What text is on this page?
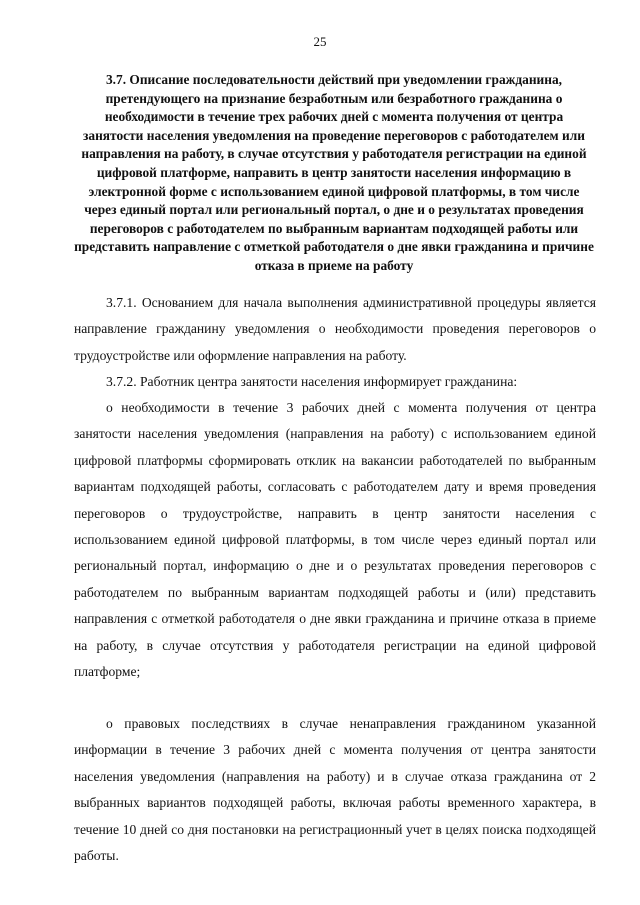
25
3.7. Описание последовательности действий при уведомлении гражданина, претендующего на признание безработным или безработного гражданина о необходимости в течение трех рабочих дней с момента получения от центра занятости населения уведомления на проведение переговоров с работодателем или направления на работу, в случае отсутствия у работодателя регистрации на единой цифровой платформе, направить в центр занятости населения информацию в электронной форме с использованием единой цифровой платформы, в том числе через единый портал или региональный портал, о дне и о результатах проведения переговоров с работодателем по выбранным вариантам подходящей работы или представить направление с отметкой работодателя о дне явки гражданина и причине отказа в приеме на работу
3.7.1. Основанием для начала выполнения административной процедуры является направление гражданину уведомления о необходимости проведения переговоров о трудоустройстве или оформление направления на работу.
3.7.2. Работник центра занятости населения информирует гражданина:
о необходимости в течение 3 рабочих дней с момента получения от центра занятости населения уведомления (направления на работу) с использованием единой цифровой платформы сформировать отклик на вакансии работодателей по выбранным вариантам подходящей работы, согласовать с работодателем дату и время проведения переговоров о трудоустройстве, направить в центр занятости населения с использованием единой цифровой платформы, в том числе через единый портал или региональный портал, информацию о дне и о результатах проведения переговоров с работодателем по выбранным вариантам подходящей работы и (или) представить направления с отметкой работодателя о дне явки гражданина и причине отказа в приеме на работу, в случае отсутствия у работодателя регистрации на единой цифровой платформе;
о правовых последствиях в случае ненаправления гражданином указанной информации в течение 3 рабочих дней с момента получения от центра занятости населения уведомления (направления на работу) и в случае отказа гражданина от 2 выбранных вариантов подходящей работы, включая работы временного характера, в течение 10 дней со дня постановки на регистрационный учет в целях поиска подходящей работы.
